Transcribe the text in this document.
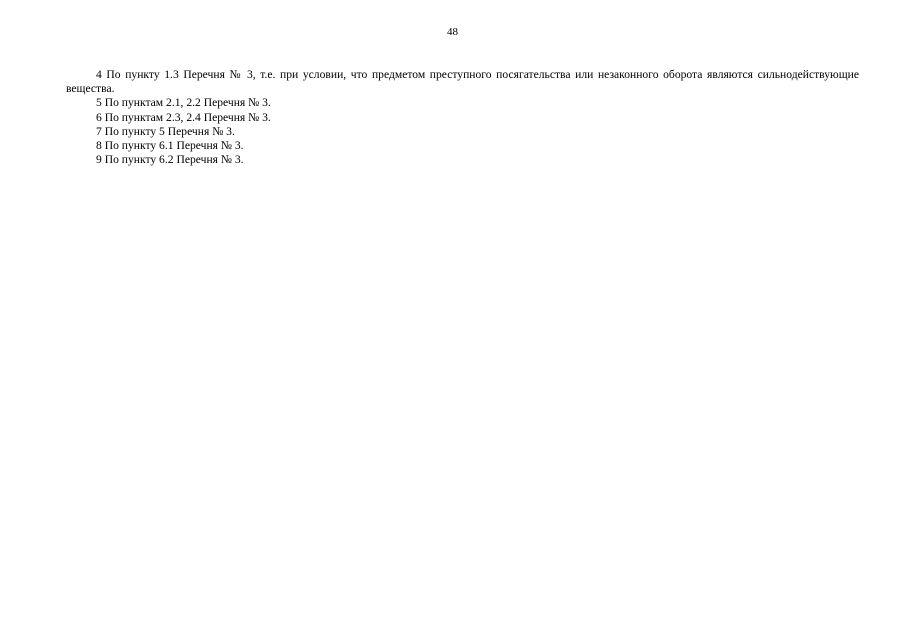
48

4 По пункту 1.3 Перечня № 3, т.е. при условии, что предметом преступного посягательства или незаконного оборота являются сильнодействующие вещества.

5 По пунктам 2.1, 2.2 Перечня № 3.

6 По пунктам 2.3, 2.4 Перечня № 3.

7 По пункту 5 Перечня № 3.

8 По пункту 6.1 Перечня № 3.

9 По пункту 6.2 Перечня № 3.
